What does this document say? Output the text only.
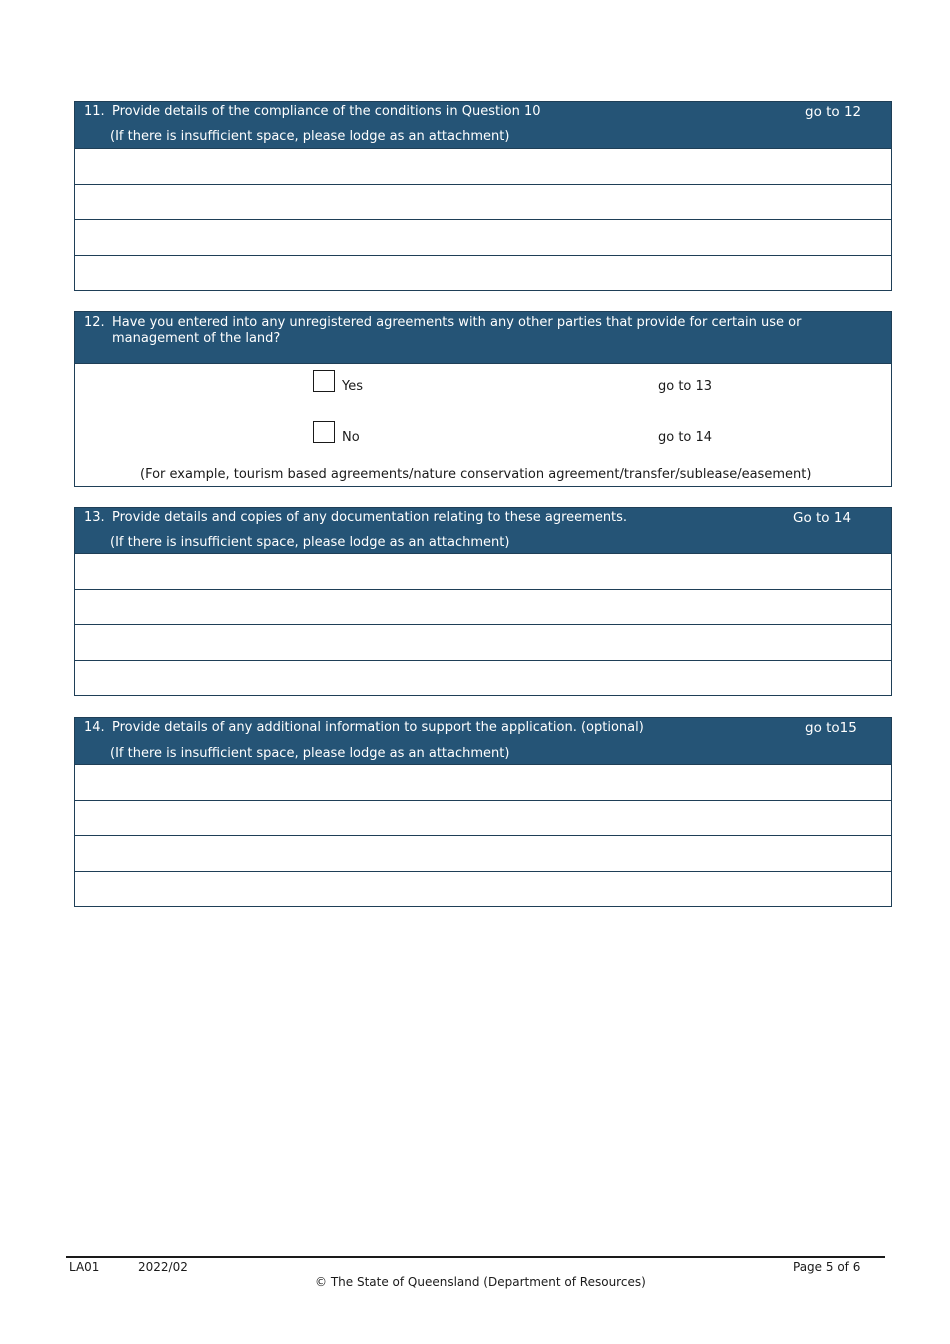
11. Provide details of the compliance of the conditions in Question 10	go to 12
(If there is insufficient space, please lodge as an attachment)
12. Have you entered into any unregistered agreements with any other parties that provide for certain use or management of the land?
Yes	go to 13
No	go to 14
(For example, tourism based agreements/nature conservation agreement/transfer/sublease/easement)
13. Provide details and copies of any documentation relating to these agreements.	Go to 14
(If there is insufficient space, please lodge as an attachment)
14. Provide details of any additional information to support the application. (optional)	go to15
(If there is insufficient space, please lodge as an attachment)
LA01	2022/02	Page 5 of 6
© The State of Queensland (Department of Resources)
